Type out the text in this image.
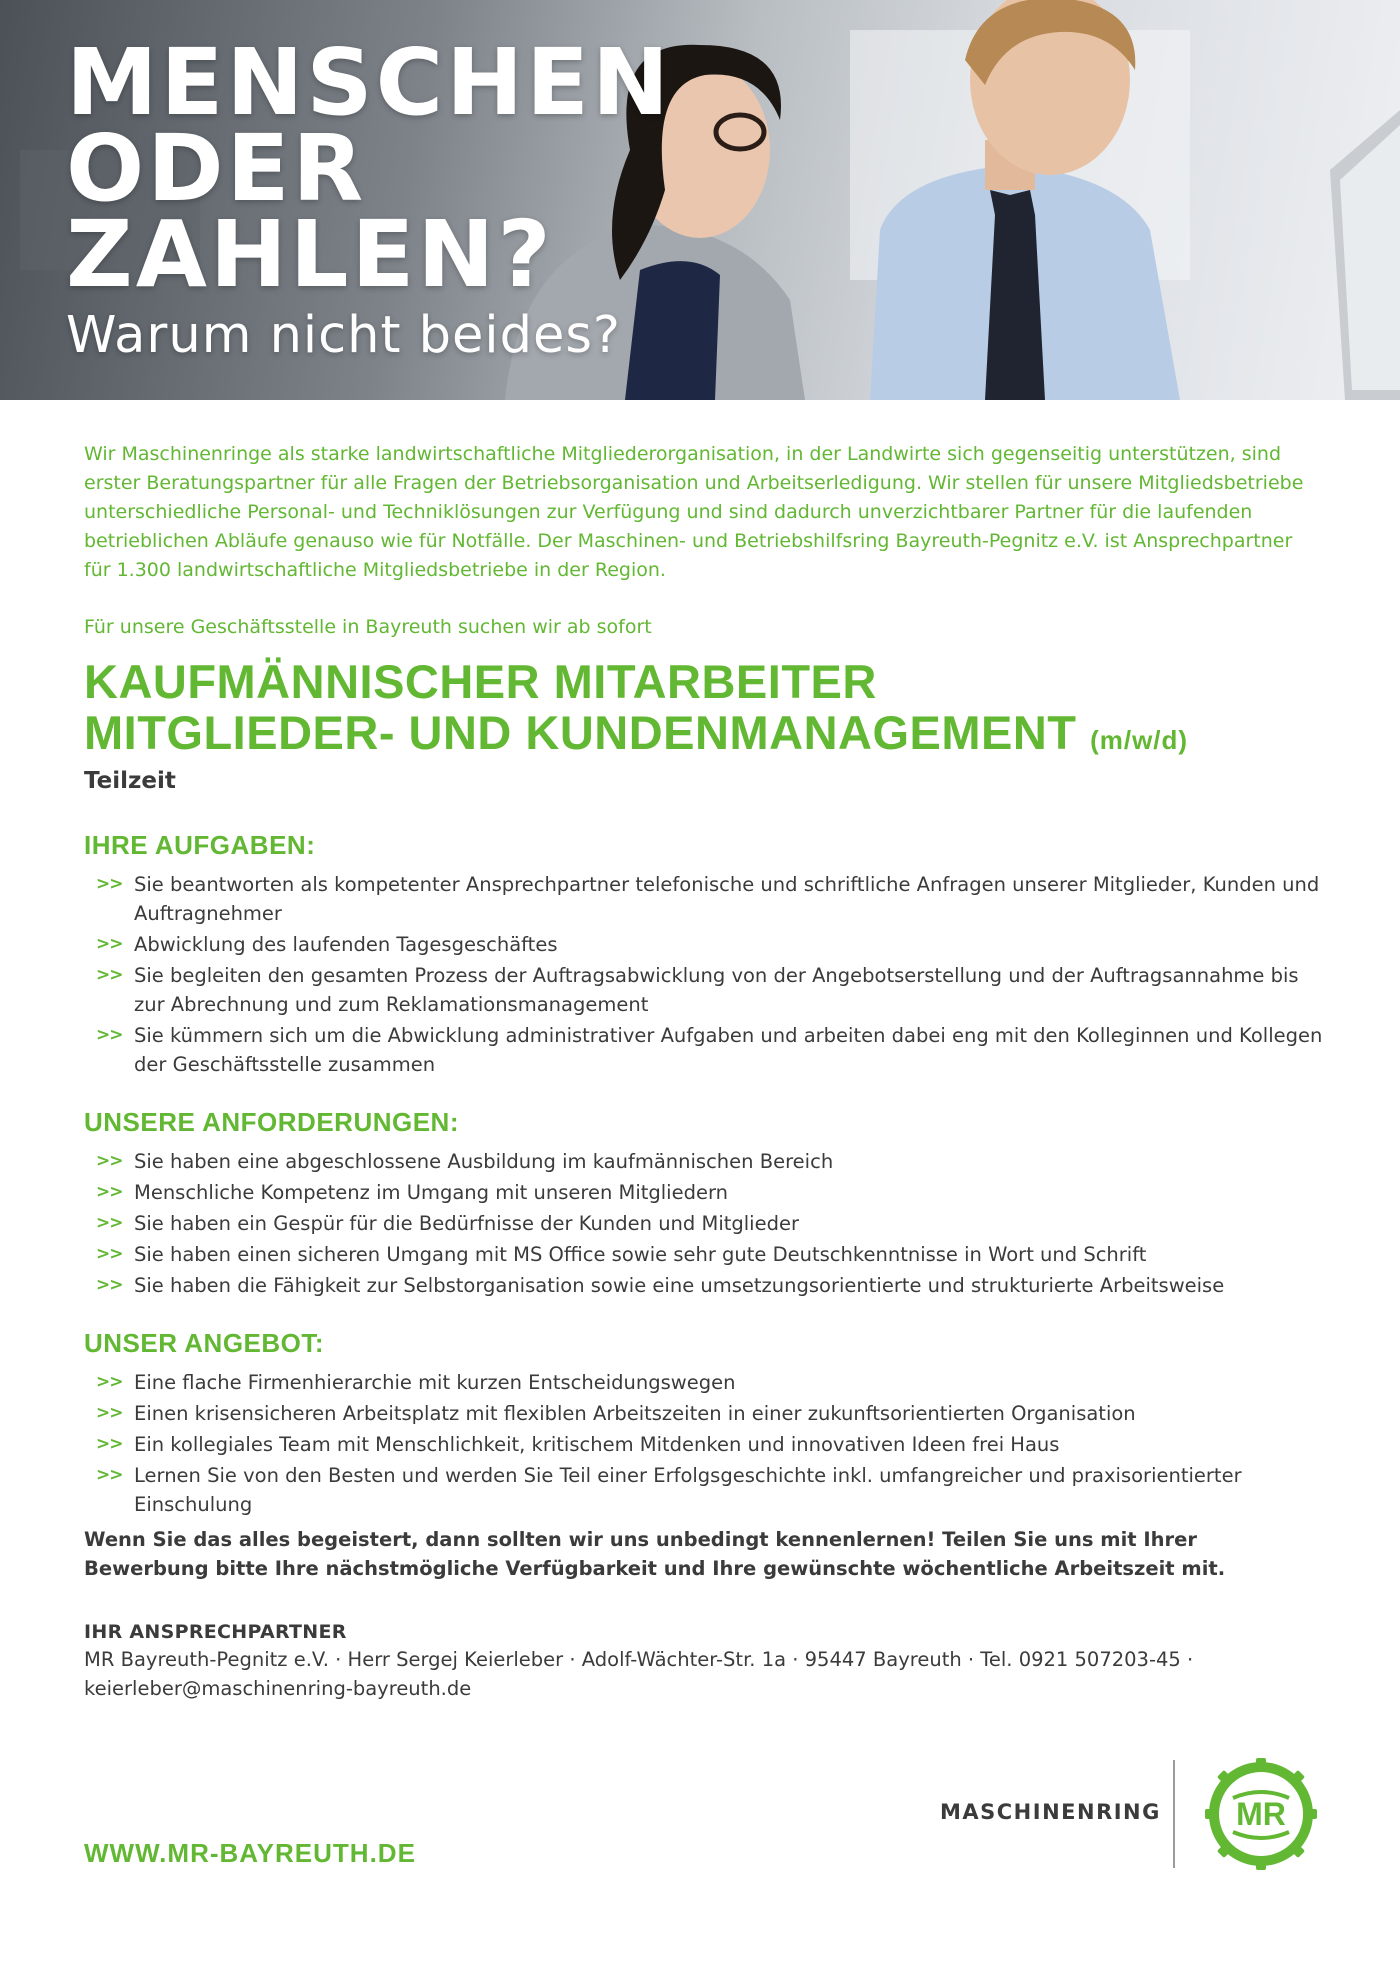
MENSCHEN
ODER
ZAHLEN?
Warum nicht beides?

Wir Maschinenringe als starke landwirtschaftliche Mitgliederorganisation, in der Landwirte sich gegenseitig unterstützen, sind erster Beratungspartner für alle Fragen der Betriebsorganisation und Arbeitserledigung. Wir stellen für unsere Mitgliedsbetriebe unterschiedliche Personal- und Techniklösungen zur Verfügung und sind dadurch unverzichtbarer Partner für die laufenden betrieblichen Abläufe genauso wie für Notfälle. Der Maschinen- und Betriebshilfsring Bayreuth-Pegnitz e.V. ist Ansprechpartner für 1.300 landwirtschaftliche Mitgliedsbetriebe in der Region.

Für unsere Geschäftsstelle in Bayreuth suchen wir ab sofort

KAUFMÄNNISCHER MITARBEITER
MITGLIEDER- UND KUNDENMANAGEMENT (m/w/d)
Teilzeit
IHRE AUFGABEN:
>> Sie beantworten als kompetenter Ansprechpartner telefonische und schriftliche Anfragen unserer Mitglieder, Kunden und Auftragnehmer
>> Abwicklung des laufenden Tagesgeschäftes
>> Sie begleiten den gesamten Prozess der Auftragsabwicklung von der Angebotserstellung und der Auftragsannahme bis zur Abrechnung und zum Reklamationsmanagement
>> Sie kümmern sich um die Abwicklung administrativer Aufgaben und arbeiten dabei eng mit den Kolleginnen und Kollegen der Geschäftsstelle zusammen
UNSERE ANFORDERUNGEN:
>> Sie haben eine abgeschlossene Ausbildung im kaufmännischen Bereich
>> Menschliche Kompetenz im Umgang mit unseren Mitgliedern
>> Sie haben ein Gespür für die Bedürfnisse der Kunden und Mitglieder
>> Sie haben einen sicheren Umgang mit MS Office sowie sehr gute Deutschkenntnisse in Wort und Schrift
>> Sie haben die Fähigkeit zur Selbstorganisation sowie eine umsetzungsorientierte und strukturierte Arbeitsweise
UNSER ANGEBOT:
>> Eine flache Firmenhierarchie mit kurzen Entscheidungswegen
>> Einen krisensicheren Arbeitsplatz mit flexiblen Arbeitszeiten in einer zukunftsorientierten Organisation
>> Ein kollegiales Team mit Menschlichkeit, kritischem Mitdenken und innovativen Ideen frei Haus
>> Lernen Sie von den Besten und werden Sie Teil einer Erfolgsgeschichte inkl. umfangreicher und praxisorientierter Einschulung

Wenn Sie das alles begeistert, dann sollten wir uns unbedingt kennenlernen! Teilen Sie uns mit Ihrer Bewerbung bitte Ihre nächstmögliche Verfügbarkeit und Ihre gewünschte wöchentliche Arbeitszeit mit.

IHR ANSPRECHPARTNER

MR Bayreuth-Pegnitz e.V. · Herr Sergej Keierleber · Adolf-Wächter-Str. 1a · 95447 Bayreuth · Tel. 0921 507203-45 · keierleber@maschinenring-bayreuth.de

WWW.MR-BAYREUTH.DE
MASCHINENRING MR
